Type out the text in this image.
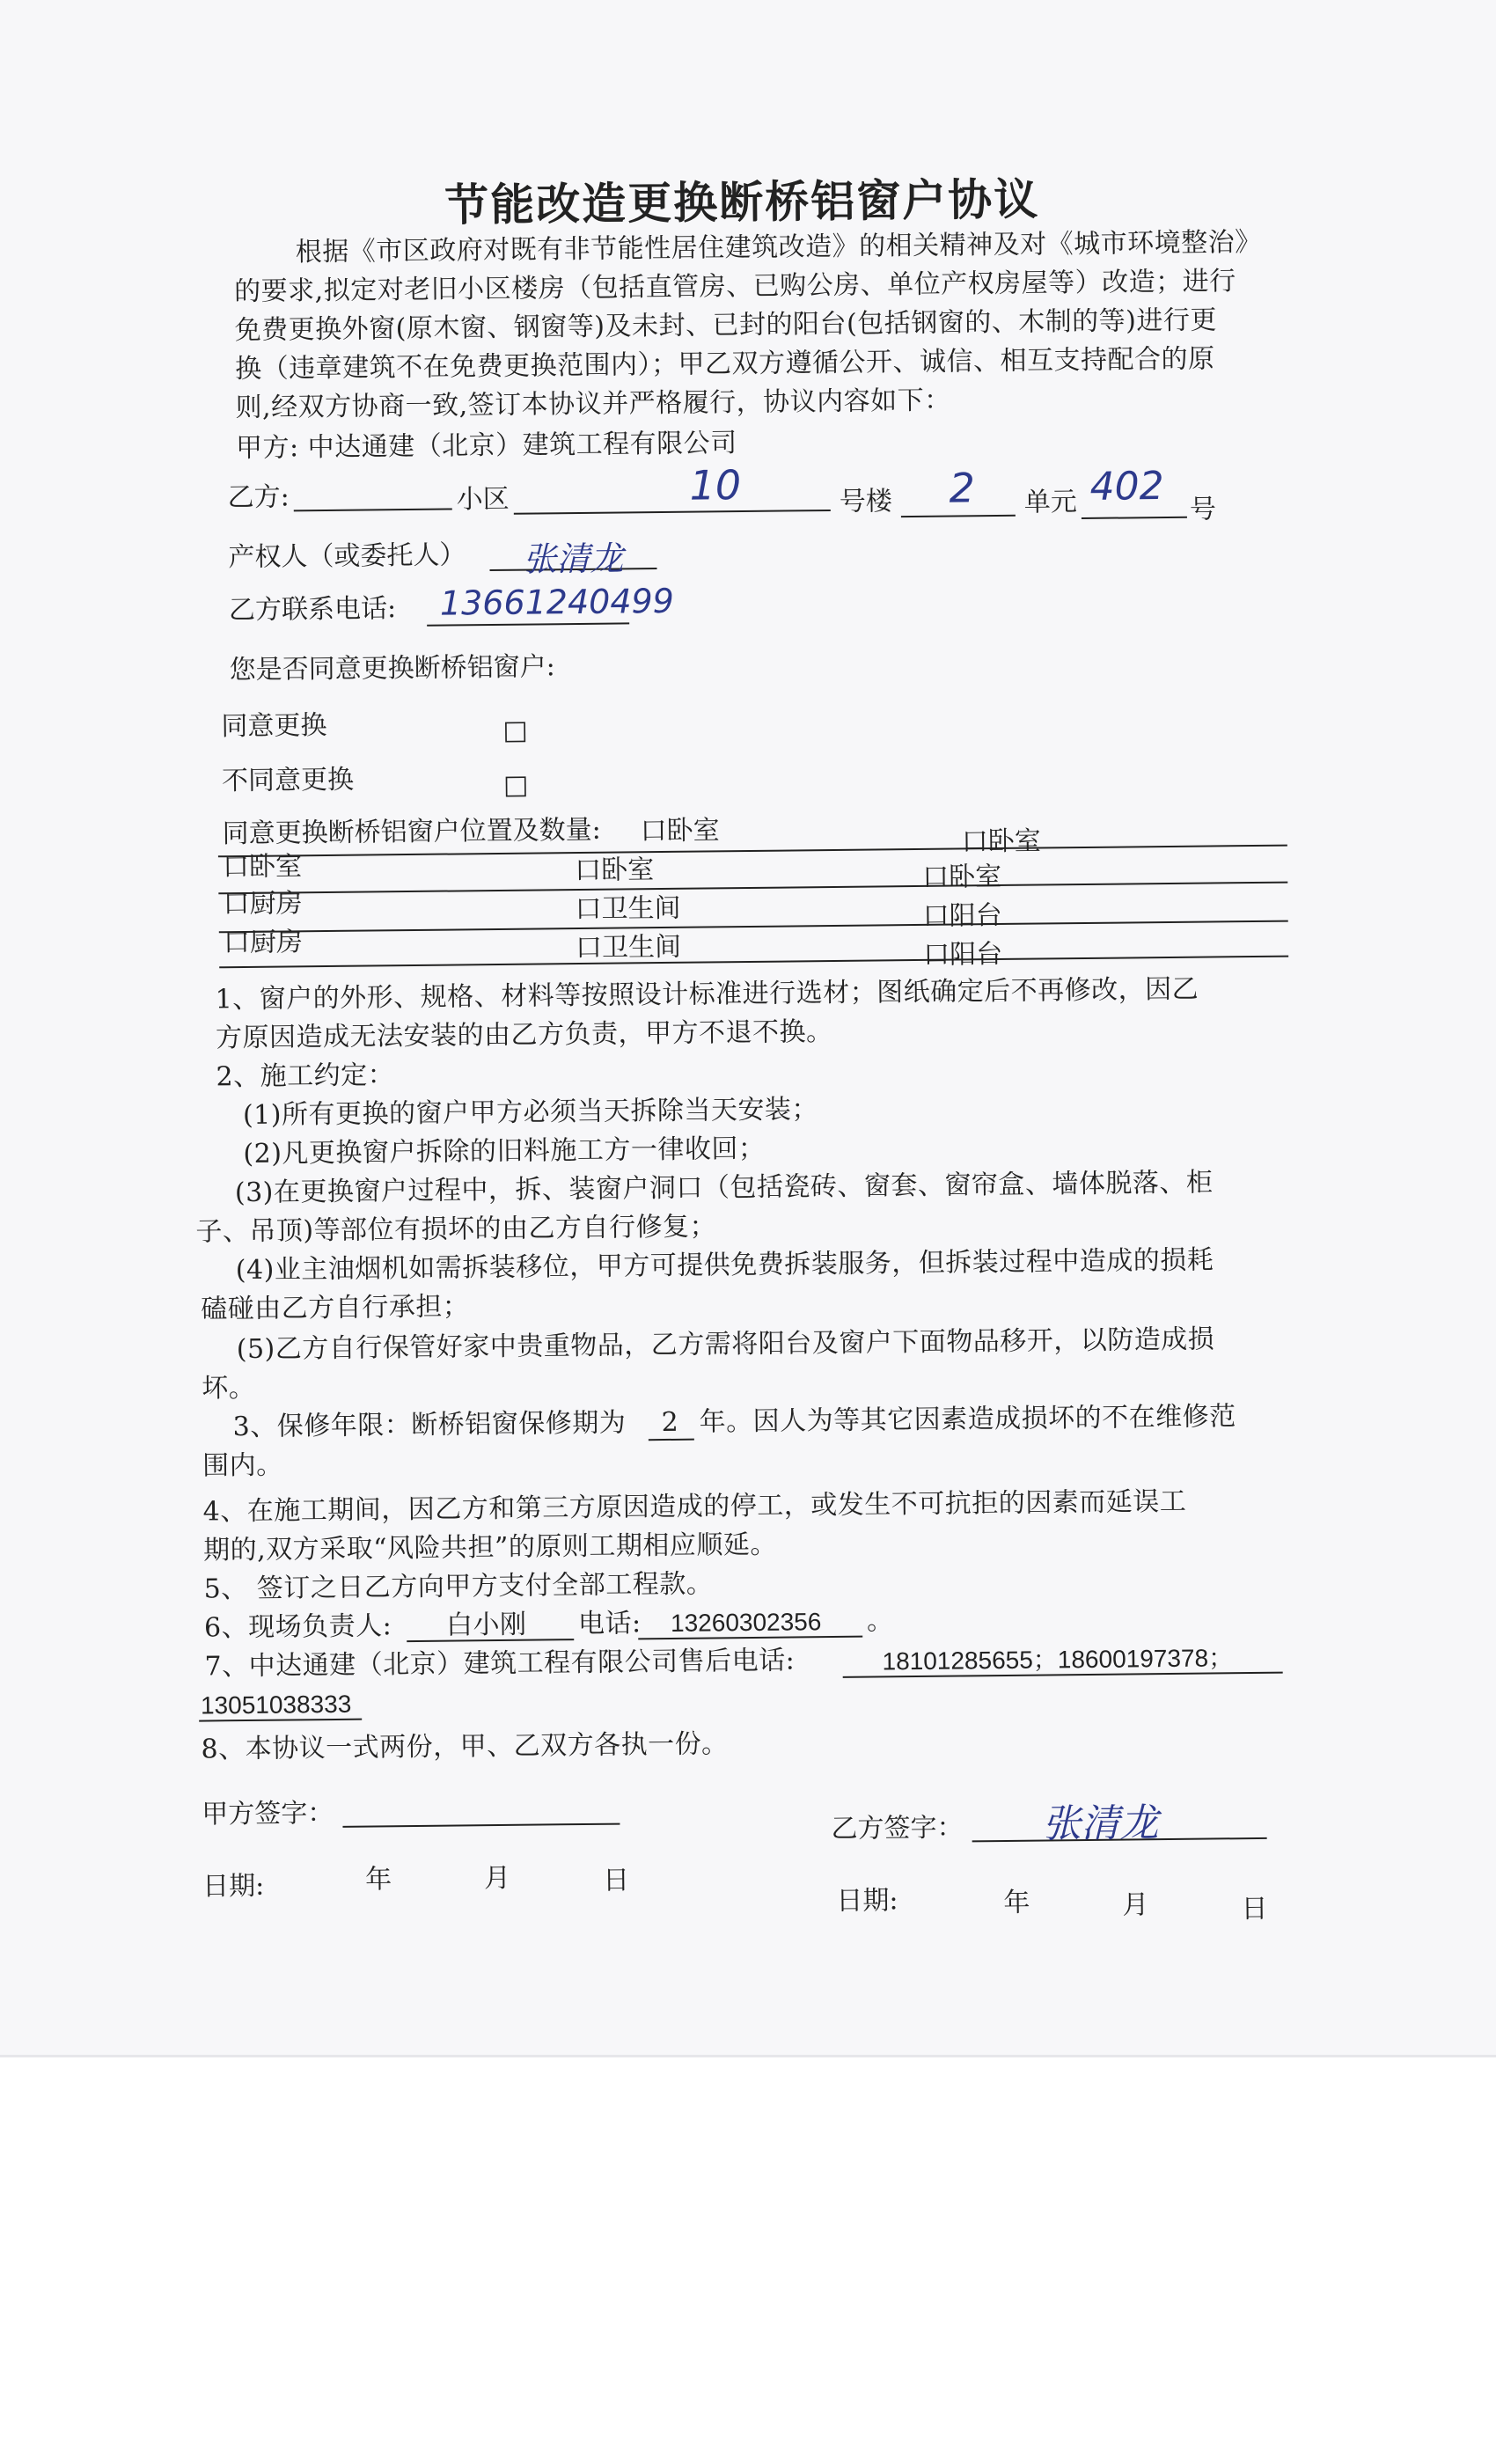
节能改造更换断桥铝窗户协议
根据《市区政府对既有非节能性居住建筑改造》的相关精神及对《城市环境整治》
的要求,拟定对老旧小区楼房（包括直管房、已购公房、单位产权房屋等）改造；进行
免费更换外窗(原木窗、钢窗等)及未封、已封的阳台(包括钢窗的、木制的等)进行更
换（违章建筑不在免费更换范围内）；甲乙双方遵循公开、诚信、相互支持配合的原
则,经双方协商一致,签订本协议并严格履行，协议内容如下：
甲方: 中达通建（北京）建筑工程有限公司
乙方:	小区	10	号楼 2 单元 402
号
产权人（或委托人） 张清龙
乙方联系电话: 13661240499
您是否同意更换断桥铝窗户:
同意更换	□
不同意更换	□
同意更换断桥铝窗户位置及数量: 口卧室	口卧室
口卧室	口卧室	口卧室
口厨房	口卫生间	口阳台
口厨房	口卫生间	口阳台
1、窗户的外形、规格、材料等按照设计标准进行选材；图纸确定后不再修改，因乙
方原因造成无法安装的由乙方负责，甲方不退不换。
2、施工约定：
(1)所有更换的窗户甲方必须当天拆除当天安装；
(2)凡更换窗户拆除的旧料施工方一律收回；
(3)在更换窗户过程中，拆、装窗户洞口（包括瓷砖、窗套、窗帘盒、墙体脱落、柜
子、吊顶)等部位有损坏的由乙方自行修复；
(4)业主油烟机如需拆装移位，甲方可提供免费拆装服务，但拆装过程中造成的损耗
磕碰由乙方自行承担；
(5)乙方自行保管好家中贵重物品，乙方需将阳台及窗户下面物品移开，以防造成损
坏。
3、保修年限：断桥铝窗保修期为 2 年。因人为等其它因素造成损坏的不在维修范
围内。
4、在施工期间，因乙方和第三方原因造成的停工，或发生不可抗拒的因素而延误工
期的,双方采取“风险共担”的原则工期相应顺延。
5、 签订之日乙方向甲方支付全部工程款。
6、现场负责人: 白小刚 电话: 13260302356 。
7、中达通建（北京）建筑工程有限公司售后电话:	18101285655；18600197378；
13051038333
8、本协议一式两份，甲、乙双方各执一份。
甲方签字：	乙方签字： 张清龙
日期:	年	月	日
日期:	年	月	日
